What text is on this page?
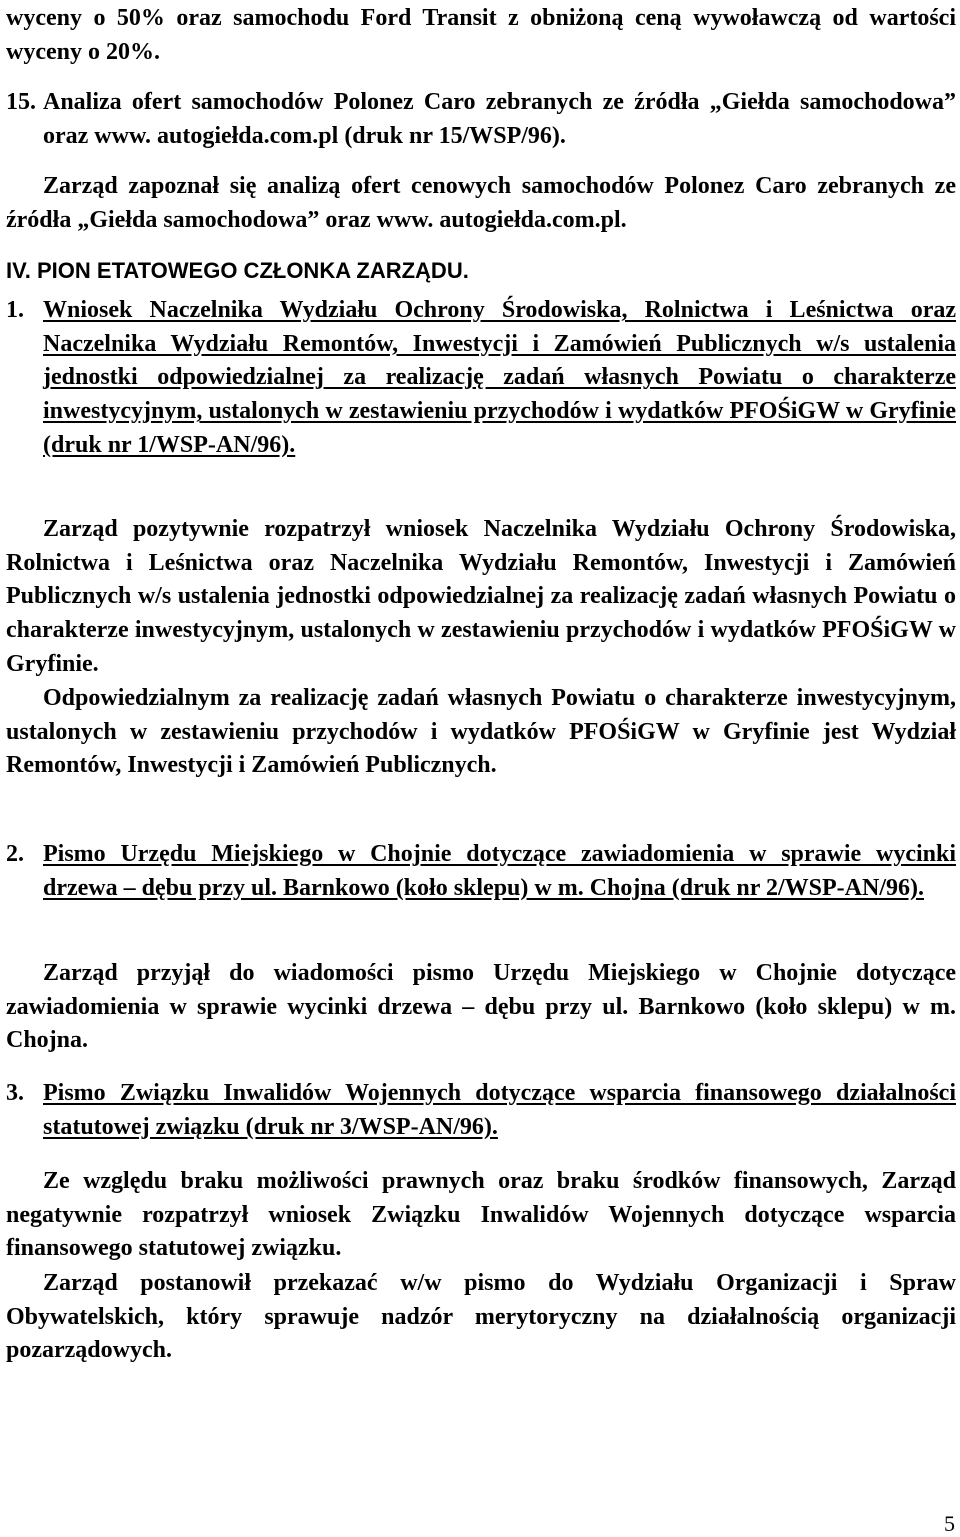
wyceny o 50% oraz samochodu Ford Transit z obniżoną ceną wywoławczą od wartości wyceny o 20%.

15. Analiza ofert samochodów Polonez Caro zebranych ze źródła „Giełda samochodowa” oraz www. autogiełda.com.pl (druk nr 15/WSP/96).

Zarząd zapoznał się analizą ofert cenowych samochodów Polonez Caro zebranych ze źródła „Giełda samochodowa” oraz www. autogiełda.com.pl.

IV. PION ETATOWEGO CZŁONKA ZARZĄDU.

1. Wniosek Naczelnika Wydziału Ochrony Środowiska, Rolnictwa i Leśnictwa oraz Naczelnika Wydziału Remontów, Inwestycji i Zamówień Publicznych w/s ustalenia jednostki odpowiedzialnej za realizację zadań własnych Powiatu o charakterze inwestycyjnym, ustalonych w zestawieniu przychodów i wydatków PFOŚiGW w Gryfinie (druk nr 1/WSP-AN/96).

Zarząd pozytywnie rozpatrzył wniosek Naczelnika Wydziału Ochrony Środowiska, Rolnictwa i Leśnictwa oraz Naczelnika Wydziału Remontów, Inwestycji i Zamówień Publicznych w/s ustalenia jednostki odpowiedzialnej za realizację zadań własnych Powiatu o charakterze inwestycyjnym, ustalonych w zestawieniu przychodów i wydatków PFOŚiGW w Gryfinie.

Odpowiedzialnym za realizację zadań własnych Powiatu o charakterze inwestycyjnym, ustalonych w zestawieniu przychodów i wydatków PFOŚiGW w Gryfinie jest Wydział Remontów, Inwestycji i Zamówień Publicznych.

2. Pismo Urzędu Miejskiego w Chojnie dotyczące zawiadomienia w sprawie wycinki drzewa – dębu przy ul. Barnkowo (koło sklepu) w m. Chojna (druk nr 2/WSP-AN/96).

Zarząd przyjął do wiadomości pismo Urzędu Miejskiego w Chojnie dotyczące zawiadomienia w sprawie wycinki drzewa – dębu przy ul. Barnkowo (koło sklepu) w m. Chojna.

3. Pismo Związku Inwalidów Wojennych dotyczące wsparcia finansowego działalności statutowej związku (druk nr 3/WSP-AN/96).

Ze względu braku możliwości prawnych oraz braku środków finansowych, Zarząd negatywnie rozpatrzył wniosek Związku Inwalidów Wojennych dotyczące wsparcia finansowego statutowej związku.

Zarząd postanowił przekazać w/w pismo do Wydziału Organizacji i Spraw Obywatelskich, który sprawuje nadzór merytoryczny na działalnością organizacji pozarządowych.

5
